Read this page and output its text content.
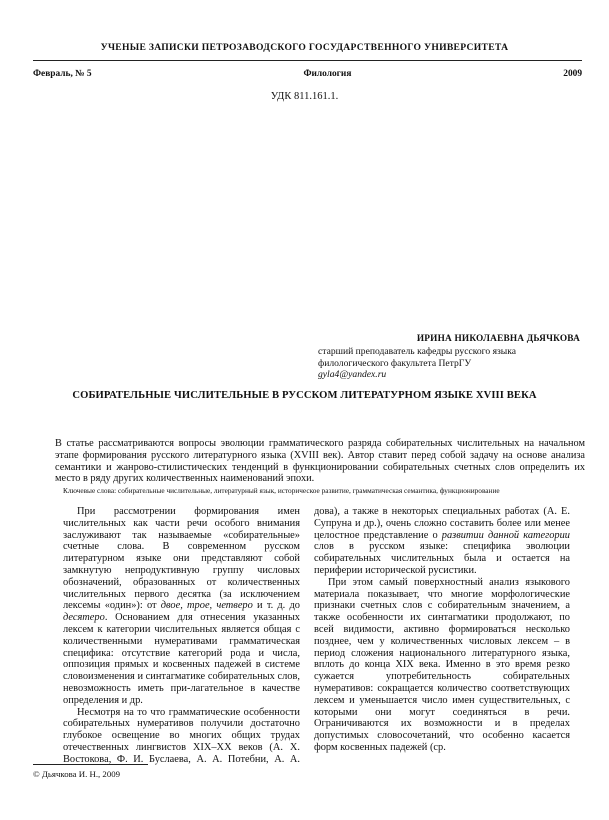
УЧЕНЫЕ ЗАПИСКИ ПЕТРОЗАВОДСКОГО ГОСУДАРСТВЕННОГО УНИВЕРСИТЕТА
Февраль, № 5	Филология	2009
УДК 811.161.1.
ИРИНА НИКОЛАЕВНА ДЬЯЧКОВА
старший преподаватель кафедры русского языка филологического факультета ПетрГУ
gyla4@yandex.ru
СОБИРАТЕЛЬНЫЕ ЧИСЛИТЕЛЬНЫЕ В РУССКОМ ЛИТЕРАТУРНОМ ЯЗЫКЕ XVIII ВЕКА
В статье рассматриваются вопросы эволюции грамматического разряда собирательных числительных на начальном этапе формирования русского литературного языка (XVIII век). Автор ставит перед собой задачу на основе анализа семантики и жанрово-стилистических тенденций в функционировании собирательных счетных слов определить их место в ряду других количественных наименований эпохи.
Ключевые слова: собирательные числительные, литературный язык, историческое развитие, грамматическая семантика, функционирование

При рассмотрении формирования имен числительных как части речи особого внимания заслуживают так называемые «собирательные» счетные слова. В современном русском литературном языке они представляют собой замкнутую непродуктивную группу числовых обозначений, образованных от количественных числительных первого десятка (за исключением лексемы «один»): от двое, трое, четверо и т. д. до десятеро. Основанием для отнесения указанных лексем к категории числительных является общая с количественными нумеративами грамматическая специфика: отсутствие категорий рода и числа, оппозиция прямых и косвенных падежей в системе словоизменения и синтагматике собирательных слов, невозможность иметь при-лагательное в качестве определения и др.

Несмотря на то что грамматические особенности собирательных нумеративов получили достаточно глубокое освещение во многих общих трудах отечественных лингвистов XIX–XX веков (А. Х. Востокова, Ф. И. Буслаева, А. А. Потебни, А. А.

дова), а также в некоторых специальных работах (А. Е. Супруна и др.), очень сложно составить более или менее целостное представление о развитии данной категории слов в русском языке: специфика эволюции собирательных числительных была и остается на периферии исторической русистики.

При этом самый поверхностный анализ языкового материала показывает, что многие морфологические признаки счетных слов с собирательным значением, а также особенности их синтагматики продолжают, по всей видимости, активно формироваться несколько позднее, чем у количественных числовых лексем – в период сложения национального литературного языка, вплоть до конца XIX века. Именно в это время резко сужается употребительность собирательных нумеративов: сокращается количество соответствующих лексем и уменьшается число имен существительных, с которыми они могут соединяться в речи. Ограничиваются их возможности и в пределах допустимых словосочетаний, что особенно касается форм косвенных падежей (ср.

© Дьячкова И. Н., 2009
